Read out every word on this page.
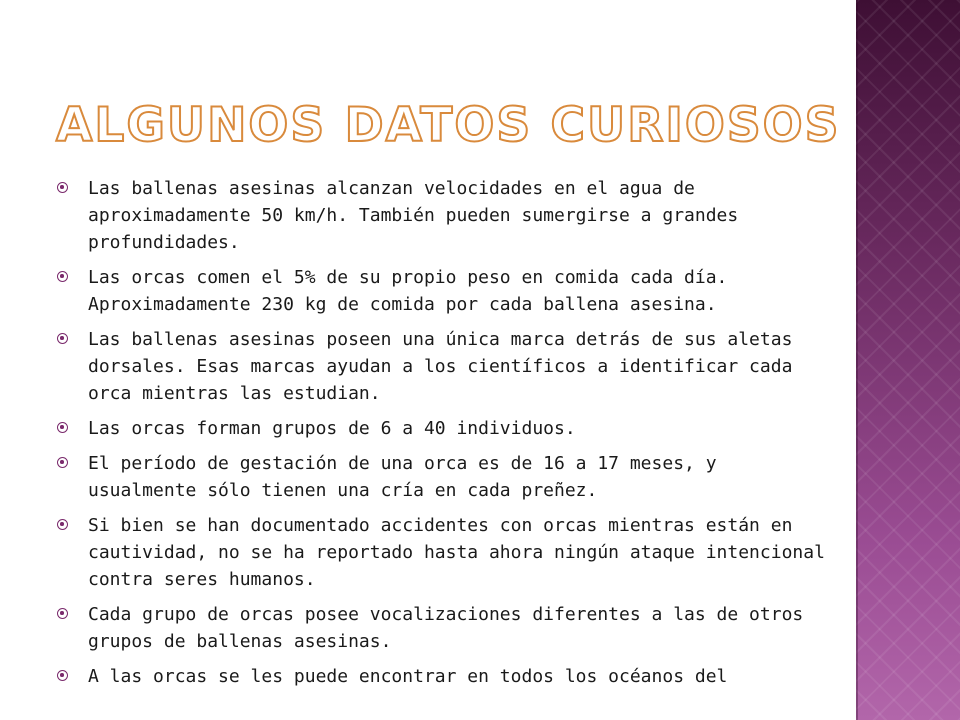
ALGUNOS DATOS CURIOSOS
Las ballenas asesinas alcanzan velocidades en el agua de aproximadamente 50 km/h. También pueden sumergirse a grandes profundidades.
Las orcas comen el 5% de su propio peso en comida cada día. Aproximadamente 230 kg de comida por cada ballena asesina.
Las ballenas asesinas poseen una única marca detrás de sus aletas dorsales. Esas marcas ayudan a los científicos a identificar cada orca mientras las estudian.
Las orcas forman grupos de 6 a 40 individuos.
El período de gestación de una orca es de 16 a 17 meses, y usualmente sólo tienen una cría en cada preñez.
Si bien se han documentado accidentes con orcas mientras están en cautividad, no se ha reportado hasta ahora ningún ataque intencional contra seres humanos.
Cada grupo de orcas posee vocalizaciones diferentes a las de otros grupos de ballenas asesinas.
A las orcas se les puede encontrar en todos los océanos del
